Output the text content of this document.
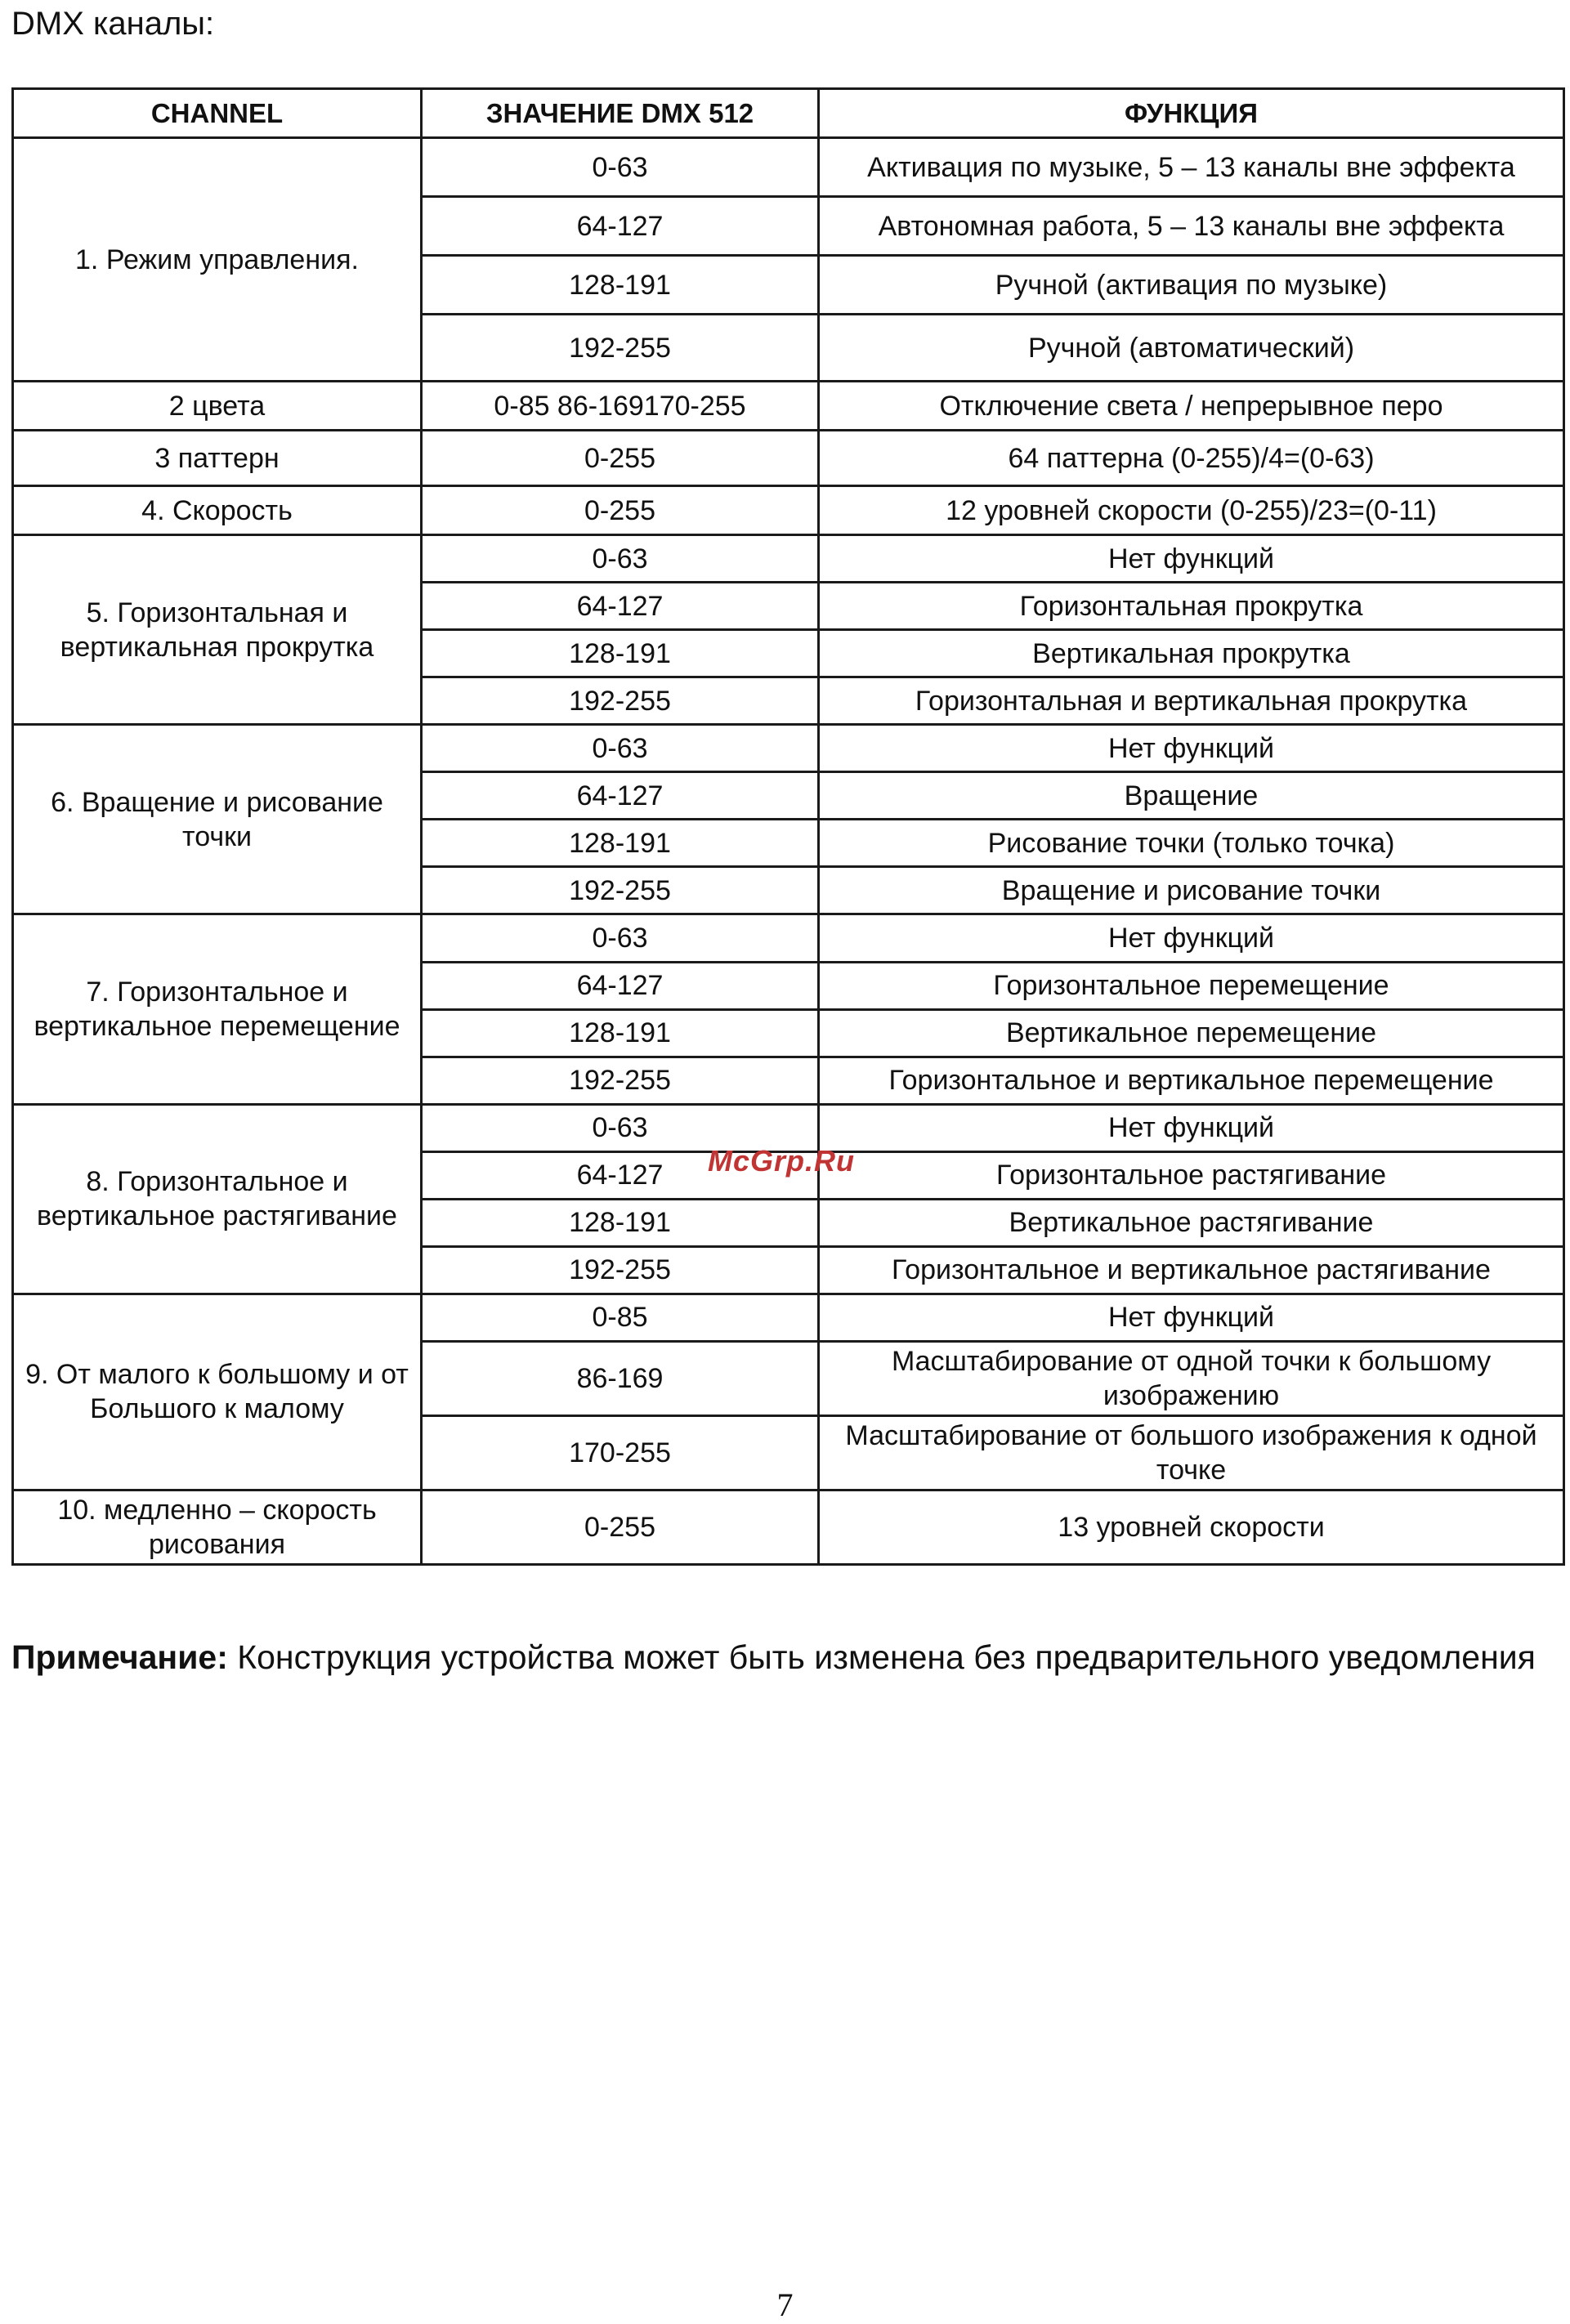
DMX каналы:
CHANNEL	ЗНАЧЕНИЕ DMX 512	ФУНКЦИЯ
1. Режим управления.	0-63	Активация по музыке, 5 – 13 каналы вне эффекта
	64-127	Автономная работа, 5 – 13 каналы вне эффекта
	128-191	Ручной (активация по музыке)
	192-255	Ручной (автоматический)
2 цвета	0-85 86-169170-255	Отключение света / непрерывное перо
3 паттерн	0-255	64 паттерна (0-255)/4=(0-63)
4. Скорость	0-255	12 уровней скорости (0-255)/23=(0-11)
5. Горизонтальная и вертикальная прокрутка	0-63	Нет функций
	64-127	Горизонтальная прокрутка
	128-191	Вертикальная прокрутка
	192-255	Горизонтальная и вертикальная прокрутка
6. Вращение и рисование точки	0-63	Нет функций
	64-127	Вращение
	128-191	Рисование точки (только точка)
	192-255	Вращение и рисование точки
7. Горизонтальное и вертикальное перемещение	0-63	Нет функций
	64-127	Горизонтальное перемещение
	128-191	Вертикальное перемещение
	192-255	Горизонтальное и вертикальное перемещение
8. Горизонтальное и вертикальное растягивание	0-63	Нет функций
	64-127	Горизонтальное растягивание
	128-191	Вертикальное растягивание
	192-255	Горизонтальное и вертикальное растягивание
9. От малого к большому и от Большого к малому	0-85	Нет функций
	86-169	Масштабирование от одной точки к большому изображению
	170-255	Масштабирование от большого изображения к одной точке
10. медленно – скорость рисования	0-255	13 уровней скорости
McGrp.Ru
Примечание: Конструкция устройства может быть изменена без предварительного уведомления
7
